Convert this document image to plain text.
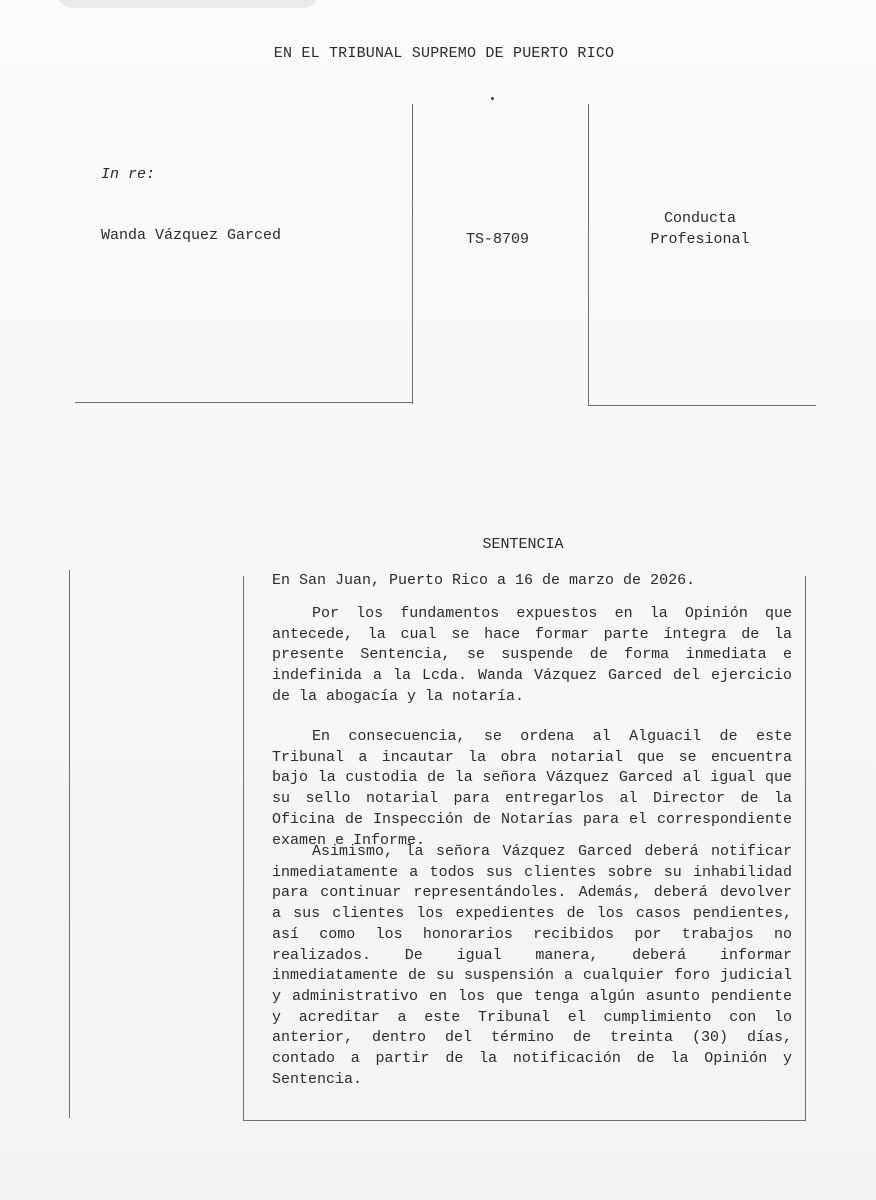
EN EL TRIBUNAL SUPREMO DE PUERTO RICO
In re:
Wanda Vázquez Garced	TS-8709
Conducta
Profesional
SENTENCIA
En San Juan, Puerto Rico a 16 de marzo de 2026.
Por los fundamentos expuestos en la Opinión que antecede, la cual se hace formar parte íntegra de la presente Sentencia, se suspende de forma inmediata e indefinida a la Lcda. Wanda Vázquez Garced del ejercicio de la abogacía y la notaría.
En consecuencia, se ordena al Alguacil de este Tribunal a incautar la obra notarial que se encuentra bajo la custodia de la señora Vázquez Garced al igual que su sello notarial para entregarlos al Director de la Oficina de Inspección de Notarías para el correspondiente examen e Informe.
Asimismo, la señora Vázquez Garced deberá notificar inmediatamente a todos sus clientes sobre su inhabilidad para continuar representándoles. Además, deberá devolver a sus clientes los expedientes de los casos pendientes, así como los honorarios recibidos por trabajos no realizados. De igual manera, deberá informar inmediatamente de su suspensión a cualquier foro judicial y administrativo en los que tenga algún asunto pendiente y acreditar a este Tribunal el cumplimiento con lo anterior, dentro del término de treinta (30) días, contado a partir de la notificación de la Opinión y Sentencia.
